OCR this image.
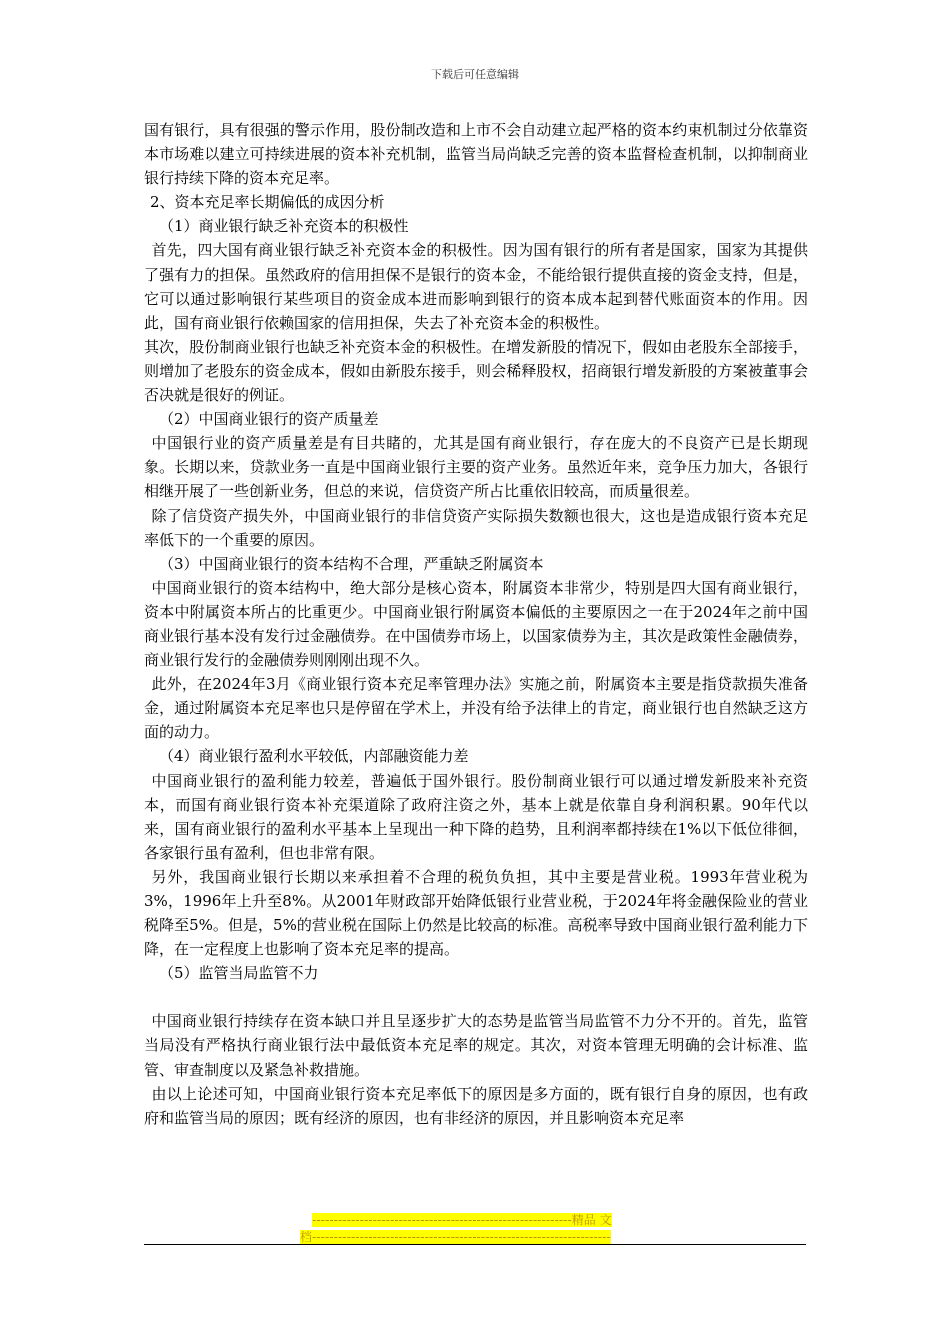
下载后可任意编辑

国有银行，具有很强的警示作用，股份制改造和上市不会自动建立起严格的资本约束机制过分依靠资本市场难以建立可持续进展的资本补充机制，监管当局尚缺乏完善的资本监督检查机制，以抑制商业银行持续下降的资本充足率。

2、资本充足率长期偏低的成因分析

（1）商业银行缺乏补充资本的积极性

首先，四大国有商业银行缺乏补充资本金的积极性。因为国有银行的所有者是国家，国家为其提供了强有力的担保。虽然政府的信用担保不是银行的资本金，不能给银行提供直接的资金支持，但是，它可以通过影响银行某些项目的资金成本进而影响到银行的资本成本起到替代账面资本的作用。因此，国有商业银行依赖国家的信用担保，失去了补充资本金的积极性。

其次，股份制商业银行也缺乏补充资本金的积极性。在增发新股的情况下，假如由老股东全部接手，则增加了老股东的资金成本，假如由新股东接手，则会稀释股权，招商银行增发新股的方案被董事会否决就是很好的例证。

（2）中国商业银行的资产质量差

中国银行业的资产质量差是有目共睹的，尤其是国有商业银行，存在庞大的不良资产已是长期现象。长期以来，贷款业务一直是中国商业银行主要的资产业务。虽然近年来，竞争压力加大，各银行相继开展了一些创新业务，但总的来说，信贷资产所占比重依旧较高，而质量很差。

除了信贷资产损失外，中国商业银行的非信贷资产实际损失数额也很大，这也是造成银行资本充足率低下的一个重要的原因。

（3）中国商业银行的资本结构不合理，严重缺乏附属资本

中国商业银行的资本结构中，绝大部分是核心资本，附属资本非常少，特别是四大国有商业银行，资本中附属资本所占的比重更少。中国商业银行附属资本偏低的主要原因之一在于2024年之前中国商业银行基本没有发行过金融债券。在中国债券市场上，以国家债券为主，其次是政策性金融债券，商业银行发行的金融债券则刚刚出现不久。

此外，在2024年3月《商业银行资本充足率管理办法》实施之前，附属资本主要是指贷款损失准备金，通过附属资本充足率也只是停留在学术上，并没有给予法律上的肯定，商业银行也自然缺乏这方面的动力。

（4）商业银行盈利水平较低，内部融资能力差

中国商业银行的盈利能力较差，普遍低于国外银行。股份制商业银行可以通过增发新股来补充资本，而国有商业银行资本补充渠道除了政府注资之外，基本上就是依靠自身利润积累。90年代以来，国有商业银行的盈利水平基本上呈现出一种下降的趋势，且利润率都持续在1%以下低位徘徊，各家银行虽有盈利，但也非常有限。

另外，我国商业银行长期以来承担着不合理的税负负担，其中主要是营业税。1993年营业税为3%，1996年上升至8%。从2001年财政部开始降低银行业营业税，于2024年将金融保险业的营业税降至5%。但是，5%的营业税在国际上仍然是比较高的标准。高税率导致中国商业银行盈利能力下降，在一定程度上也影响了资本充足率的提高。

（5）监管当局监管不力

中国商业银行持续存在资本缺口并且呈逐步扩大的态势是监管当局监管不力分不开的。首先，监管当局没有严格执行商业银行法中最低资本充足率的规定。其次，对资本管理无明确的会计标准、监管、审查制度以及紧急补救措施。

由以上论述可知，中国商业银行资本充足率低下的原因是多方面的，既有银行自身的原因，也有政府和监管当局的原因；既有经济的原因，也有非经济的原因，并且影响资本充足率

------------------------------------------------------------精品 文
档---------------------------------------------------------------------
